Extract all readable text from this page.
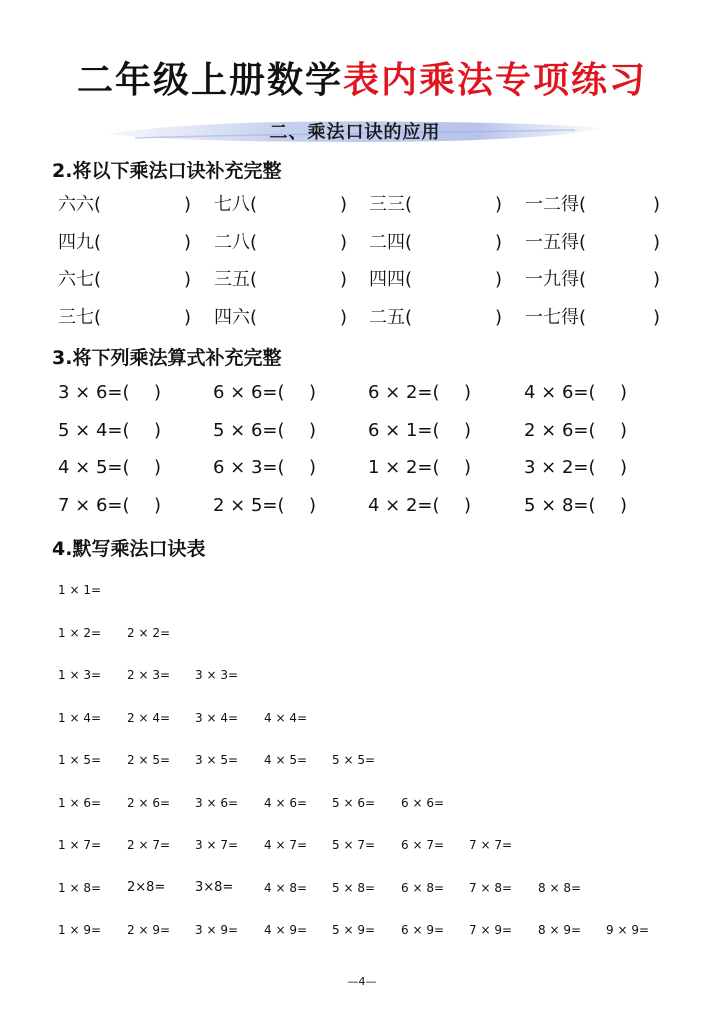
二年级上册数学表内乘法专项练习
二、乘法口诀的应用
2.将以下乘法口诀补充完整
六六(	) 七八(	) 三三(	) 一二得(	)
四九(	) 二八(	) 二四(	) 一五得(	)
六七(	) 三五(	) 四四(	) 一九得(	)
三七(	) 四六(	) 二五(	) 一七得(	)
3.将下列乘法算式补充完整
3 × 6=( )	6 × 6=( )	6 × 2=( )	4 × 6=( )
5 × 4=( )	5 × 6=( )	6 × 1=( )	2 × 6=( )
4 × 5=( )	6 × 3=( )	1 × 2=( )	3 × 2=( )
7 × 6=( )	2 × 5=( )	4 × 2=( )	5 × 8=( )
4.默写乘法口诀表
1 × 1=
1 × 2= 2 × 2=
1 × 3= 2 × 3= 3 × 3=
1 × 4= 2 × 4= 3 × 4= 4 × 4=
1 × 5= 2 × 5= 3 × 5= 4 × 5= 5 × 5=
1 × 6= 2 × 6= 3 × 6= 4 × 6= 5 × 6= 6 × 6=
1 × 7= 2 × 7= 3 × 7= 4 × 7= 5 × 7= 6 × 7= 7 × 7=
1 × 8= 2×8= 3×8=	4 × 8= 5 × 8= 6 × 8= 7 × 8= 8 × 8=
1 × 9= 2 × 9= 3 × 9= 4 × 9= 5 × 9= 6 × 9= 7 × 9= 8 × 9= 9 × 9=
—4—
